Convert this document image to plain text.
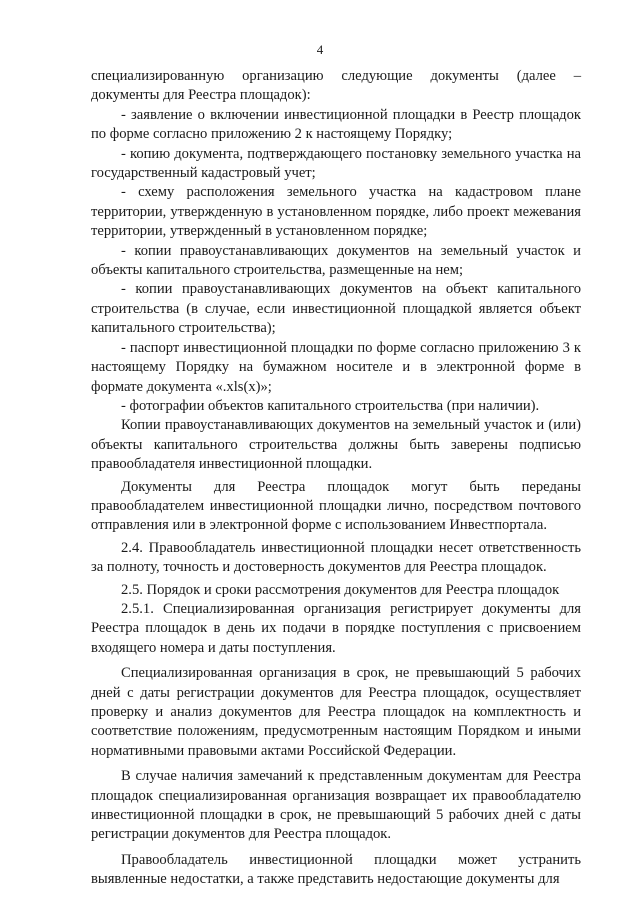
4

специализированную организацию следующие документы (далее – документы для Реестра площадок):

- заявление о включении инвестиционной площадки в Реестр площадок по форме согласно приложению 2 к настоящему Порядку;

- копию документа, подтверждающего постановку земельного участка на государственный кадастровый учет;

- схему расположения земельного участка на кадастровом плане территории, утвержденную в установленном порядке, либо проект межевания территории, утвержденный в установленном порядке;

- копии правоустанавливающих документов на земельный участок и объекты капитального строительства, размещенные на нем;

- копии правоустанавливающих документов на объект капитального строительства (в случае, если инвестиционной площадкой является объект капитального строительства);

- паспорт инвестиционной площадки по форме согласно приложению 3 к настоящему Порядку на бумажном носителе и в электронной форме в формате документа «.xls(x)»;

- фотографии объектов капитального строительства (при наличии).

Копии правоустанавливающих документов на земельный участок и (или) объекты капитального строительства должны быть заверены подписью правообладателя инвестиционной площадки.

Документы для Реестра площадок могут быть переданы правообладателем инвестиционной площадки лично, посредством почтового отправления или в электронной форме с использованием Инвестпортала.

2.4. Правообладатель инвестиционной площадки несет ответственность за полноту, точность и достоверность документов для Реестра площадок.

2.5. Порядок и сроки рассмотрения документов для Реестра площадок

2.5.1. Специализированная организация регистрирует документы для Реестра площадок в день их подачи в порядке поступления с присвоением входящего номера и даты поступления.

Специализированная организация в срок, не превышающий 5 рабочих дней с даты регистрации документов для Реестра площадок, осуществляет проверку и анализ документов для Реестра площадок на комплектность и соответствие положениям, предусмотренным настоящим Порядком и иными нормативными правовыми актами Российской Федерации.

В случае наличия замечаний к представленным документам для Реестра площадок специализированная организация возвращает их правообладателю инвестиционной площадки в срок, не превышающий 5 рабочих дней с даты регистрации документов для Реестра площадок.

Правообладатель инвестиционной площадки может устранить выявленные недостатки, а также представить недостающие документы для
